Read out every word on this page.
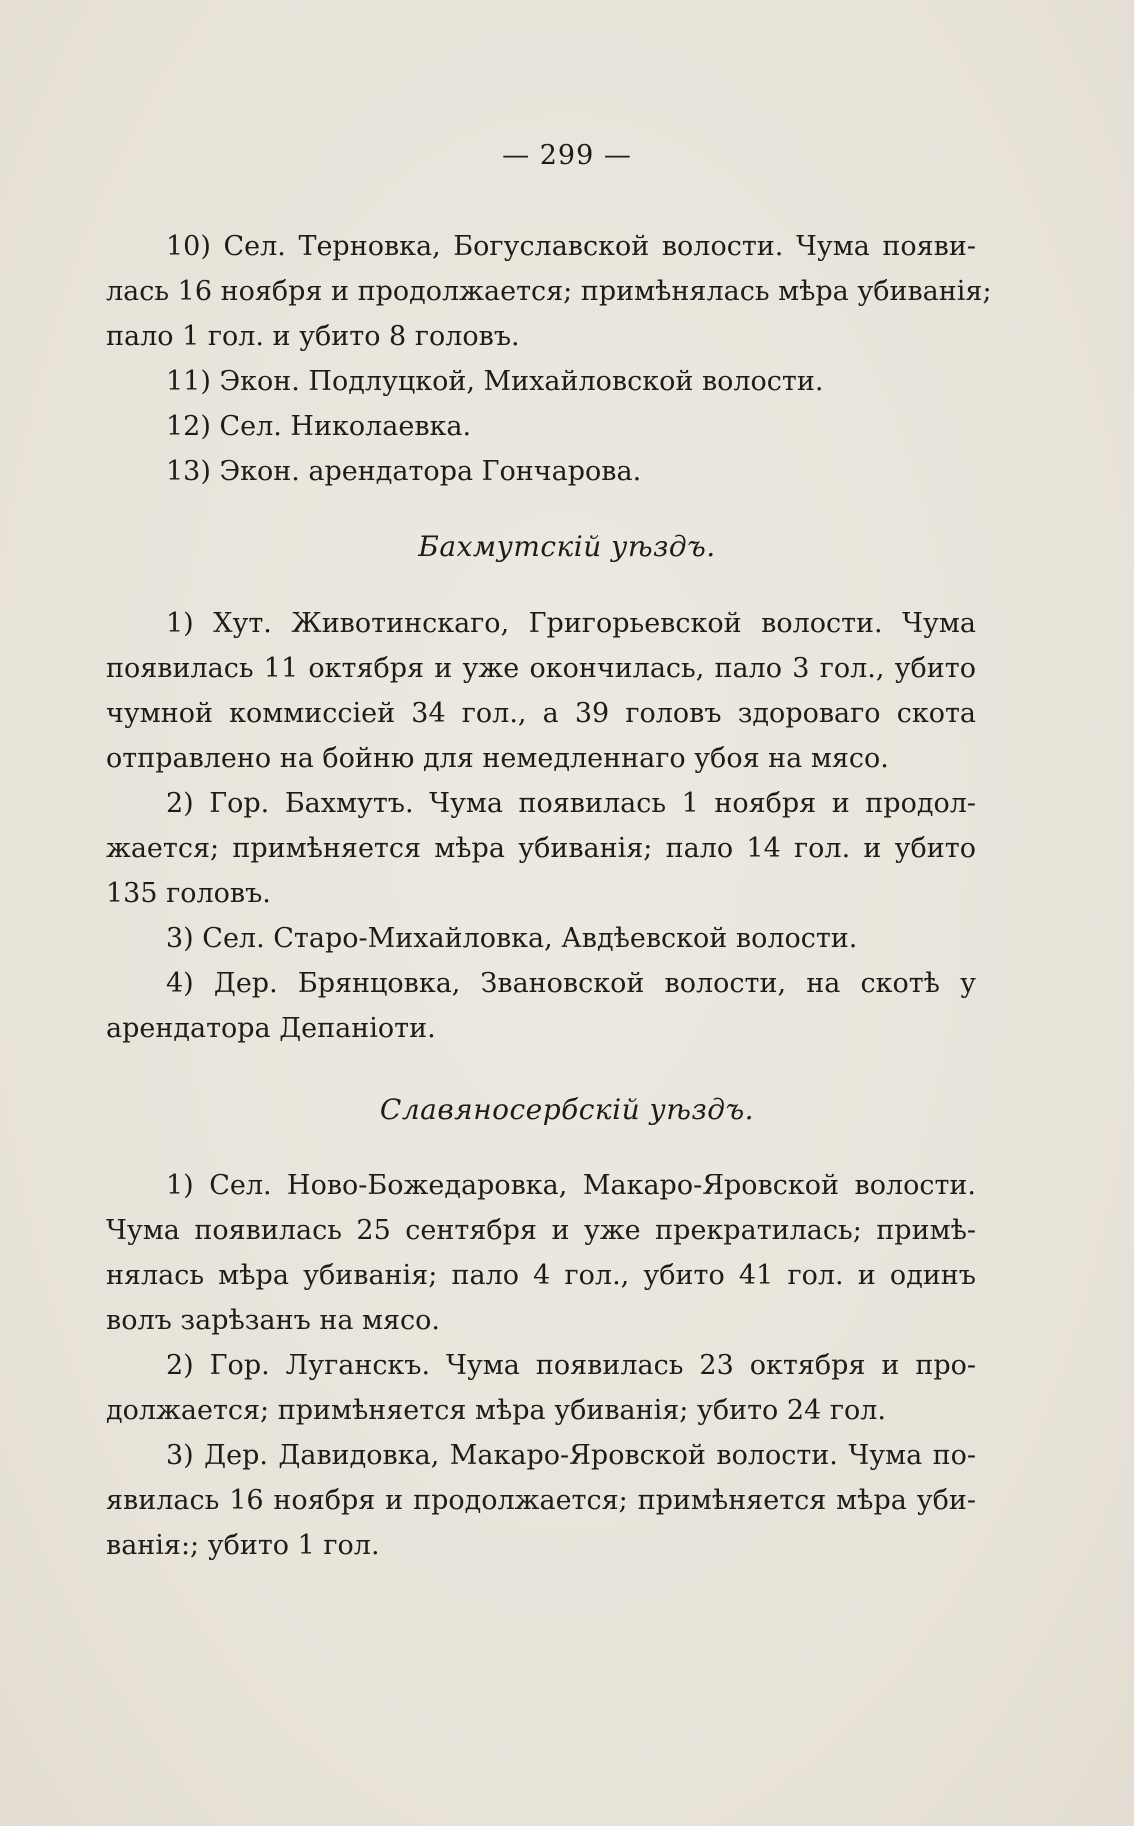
— 299 —
10) Сел. Терновка, Богуславской волости. Чума появи-
лась 16 ноября и продолжается; примѣнялась мѣра убиванія;
пало 1 гол. и убито 8 головъ.
11) Экон. Подлуцкой, Михайловской волости.
12) Сел. Николаевка.
13) Экон. арендатора Гончарова.
Бахмутскій уѣздъ.
1) Хут. Животинскаго, Григорьевской волости. Чума
появилась 11 октября и уже окончилась, пало 3 гол., убито
чумной коммиссіей 34 гол., а 39 головъ здороваго скота
отправлено на бойню для немедленнаго убоя на мясо.
2) Гор. Бахмутъ. Чума появилась 1 ноября и продол-
жается; примѣняется мѣра убиванія; пало 14 гол. и убито
135 головъ.
3) Сел. Старо-Михайловка, Авдѣевской волости.
4) Дер. Брянцовка, Звановской волости, на скотѣ у
арендатора Депаніоти.
Славяносербскій уѣздъ.
1) Сел. Ново-Божедаровка, Макаро-Яровской волости.
Чума появилась 25 сентября и уже прекратилась; примѣ-
нялась мѣра убиванія; пало 4 гол., убито 41 гол. и одинъ
волъ зарѣзанъ на мясо.
2) Гор. Луганскъ. Чума появилась 23 октября и про-
должается; примѣняется мѣра убиванія; убито 24 гол.
3) Дер. Давидовка, Макаро-Яровской волости. Чума по-
явилась 16 ноября и продолжается; примѣняется мѣра уби-
ванія:; убито 1 гол.
